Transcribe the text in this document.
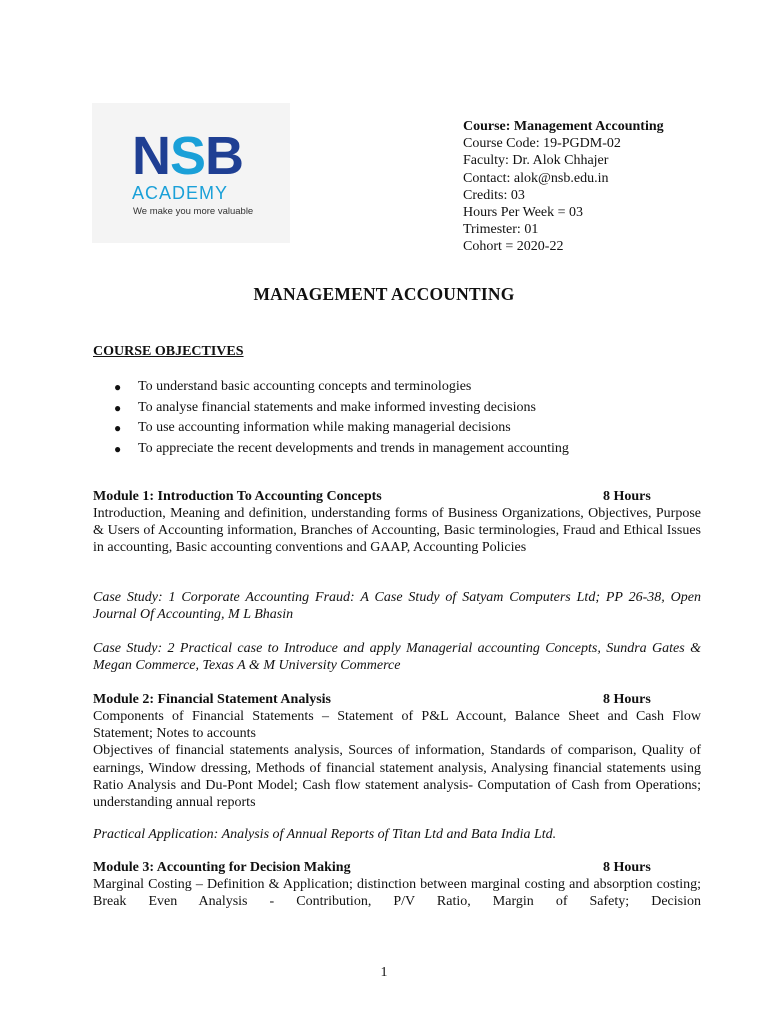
NSB
ACADEMY
We make you more valuable
Course: Management Accounting
Course Code: 19-PGDM-02
Faculty: Dr. Alok Chhajer
Contact: alok@nsb.edu.in
Credits: 03
Hours Per Week = 03
Trimester: 01
Cohort = 2020-22
MANAGEMENT ACCOUNTING
COURSE OBJECTIVES
● To understand basic accounting concepts and terminologies
● To analyse financial statements and make informed investing decisions
● To use accounting information while making managerial decisions
● To appreciate the recent developments and trends in management accounting
Module 1: Introduction To Accounting Concepts	8 Hours
Introduction, Meaning and definition, understanding forms of Business Organizations, Objectives, Purpose & Users of Accounting information, Branches of Accounting, Basic terminologies, Fraud and Ethical Issues in accounting, Basic accounting conventions and GAAP, Accounting Policies
Case Study: 1 Corporate Accounting Fraud: A Case Study of Satyam Computers Ltd; PP 26-38, Open Journal Of Accounting, M L Bhasin
Case Study: 2 Practical case to Introduce and apply Managerial accounting Concepts, Sundra Gates & Megan Commerce, Texas A & M University Commerce
Module 2: Financial Statement Analysis	8 Hours
Components of Financial Statements – Statement of P&L Account, Balance Sheet and Cash Flow Statement; Notes to accounts
Objectives of financial statements analysis, Sources of information, Standards of comparison, Quality of earnings, Window dressing, Methods of financial statement analysis, Analysing financial statements using Ratio Analysis and Du-Pont Model; Cash flow statement analysis- Computation of Cash from Operations; understanding annual reports
Practical Application: Analysis of Annual Reports of Titan Ltd and Bata India Ltd.
Module 3: Accounting for Decision Making	8 Hours
Marginal Costing – Definition & Application; distinction between marginal costing and absorption costing; Break Even Analysis - Contribution, P/V Ratio, Margin of Safety; Decision
1
